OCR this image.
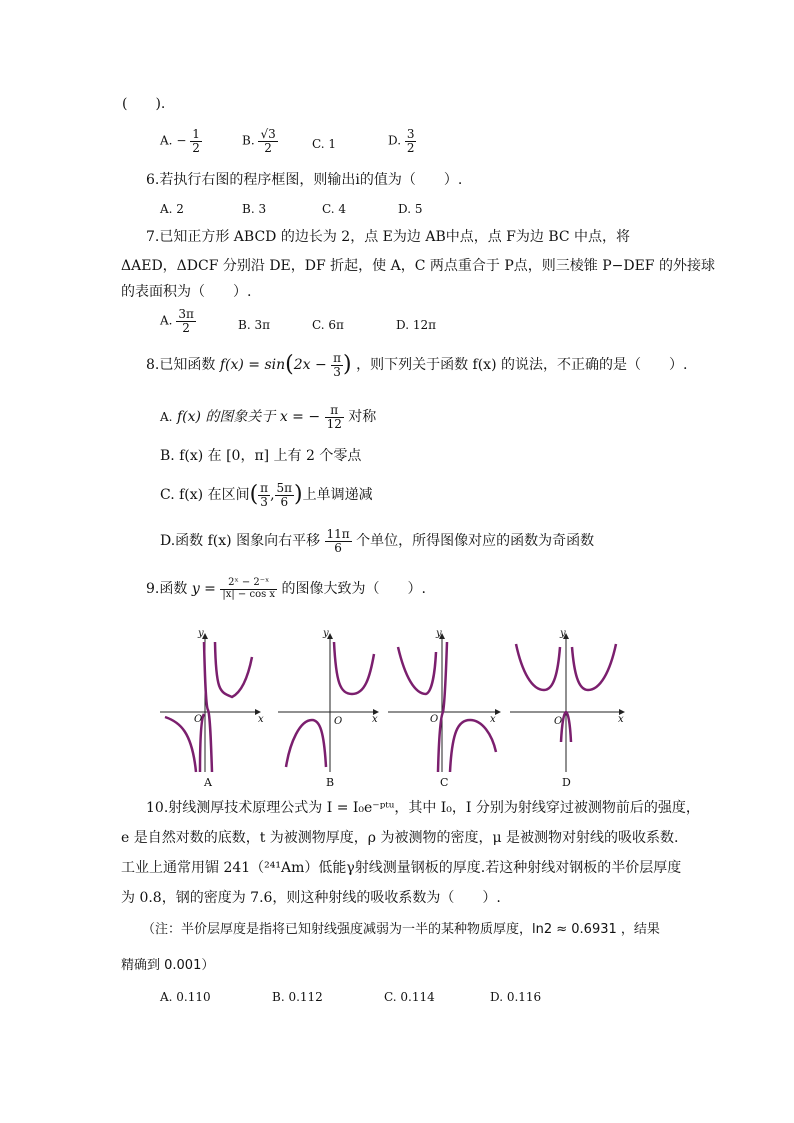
(　　).
A. − $\frac{1}{2}$	B. $\frac{√3}{2}$	C. 1	D. $\frac{3}{2}$
6.若执行右图的程序框图，则输出i的值为（　　）.
A. 2	B. 3	C. 4	D. 5
7.已知正方形 ABCD 的边长为 2，点 E为边 AB中点，点 F为边 BC 中点，将
ΔAED，ΔDCF 分别沿 DE，DF 折起，使 A，C 两点重合于 P点，则三棱锥 P−DEF 的外接球
的表面积为（　　）.
A. $\frac{3\pi}{2}$	B. 3π	C. 6π	D. 12π
8.已知函数 $f(x) = \sin(2x - \frac{\pi}{3}$ ) ，则下列关于函数 f(x) 的说法，不正确的是（　　）.
A. f(x) 的图象关于 x = − $\frac{\pi}{12}$ 对称
B. f(x) 在 [0，π] 上有 2 个零点
C. f(x) 在区间( $\frac{\pi}{3}$ , $\frac{5\pi}{6}$ )上单调递减
D.函数 f(x) 图象向右平移 $\frac{11\pi}{6}$ 个单位，所得图像对应的函数为奇函数
9.函数 $y = \frac{\text{2ˣ − 2⁻ˣ}}{\text{|x| − cos x}}$ 的图像大致为（　　）.
y
x
O
y
x
O
y
x
O
y
x
O
A	B	C	D
10.射线测厚技术原理公式为 I = I₀e⁻ᵖᵗᵘ，其中 I₀，I 分别为射线穿过被测物前后的强度，
e 是自然对数的底数，t 为被测物厚度，ρ 为被测物的密度，μ 是被测物对射线的吸收系数.
工业上通常用镅 241（²⁴¹Am）低能γ射线测量钢板的厚度.若这种射线对钢板的半价层厚度
为 0.8，钢的密度为 7.6，则这种射线的吸收系数为（　　）.
（注：半价层厚度是指将已知射线强度减弱为一半的某种物质厚度，ln2 ≈ 0.6931 ，结果
精确到 0.001）
A. 0.110	B. 0.112	C. 0.114	D. 0.116
